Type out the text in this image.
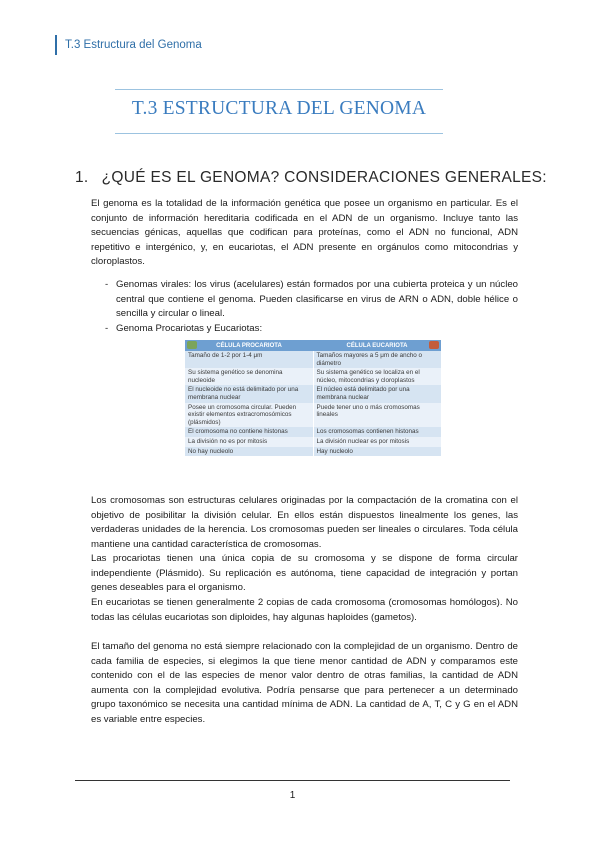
T.3 Estructura del Genoma
T.3 ESTRUCTURA DEL GENOMA
1. ¿QUÉ ES EL GENOMA? CONSIDERACIONES GENERALES:

El genoma es la totalidad de la información genética que posee un organismo en particular. Es el conjunto de información hereditaria codificada en el ADN de un organismo. Incluye tanto las secuencias génicas, aquellas que codifican para proteínas, como el ADN no funcional, ADN repetitivo e intergénico, y, en eucariotas, el ADN presente en orgánulos como mitocondrias y cloroplastos.

- Genomas virales: los virus (acelulares) están formados por una cubierta proteica y un núcleo central que contiene el genoma. Pueden clasificarse en virus de ARN o ADN, doble hélice o sencilla y circular o lineal.
- Genoma Procariotas y Eucariotas:
CÉLULA PROCARIOTA	CÉLULA EUCARIOTA

Tamaño de 1-2 por 1-4 μm	Tamaños mayores a 5 μm de ancho o diámetro
Su sistema genético se denomina nucleoide	Su sistema genético se localiza en el núcleo, mitocondrias y cloroplastos
El nucleoide no está delimitado por una membrana nuclear	El núcleo está delimitado por una membrana nuclear
Posee un cromosoma circular. Pueden existir elementos extracromosómicos (plásmidos)	Puede tener uno o más cromosomas lineales
El cromosoma no contiene histonas	Los cromosomas contienen histonas
La división no es por mitosis	La división nuclear es por mitosis
No hay nucleolo	Hay nucleolo

Los cromosomas son estructuras celulares originadas por la compactación de la cromatina con el objetivo de posibilitar la división celular. En ellos están dispuestos linealmente los genes, las verdaderas unidades de la herencia. Los cromosomas pueden ser lineales o circulares. Toda célula mantiene una cantidad característica de cromosomas.

Las procariotas tienen una única copia de su cromosoma y se dispone de forma circular independiente (Plásmido). Su replicación es autónoma, tiene capacidad de integración y portan genes deseables para el organismo.

En eucariotas se tienen generalmente 2 copias de cada cromosoma (cromosomas homólogos). No todas las células eucariotas son diploides, hay algunas haploides (gametos).

El tamaño del genoma no está siempre relacionado con la complejidad de un organismo. Dentro de cada familia de especies, si elegimos la que tiene menor cantidad de ADN y comparamos este contenido con el de las especies de menor valor dentro de otras familias, la cantidad de ADN aumenta con la complejidad evolutiva. Podría pensarse que para pertenecer a un determinado grupo taxonómico se necesita una cantidad mínima de ADN. La cantidad de A, T, C y G en el ADN es variable entre especies.

1
